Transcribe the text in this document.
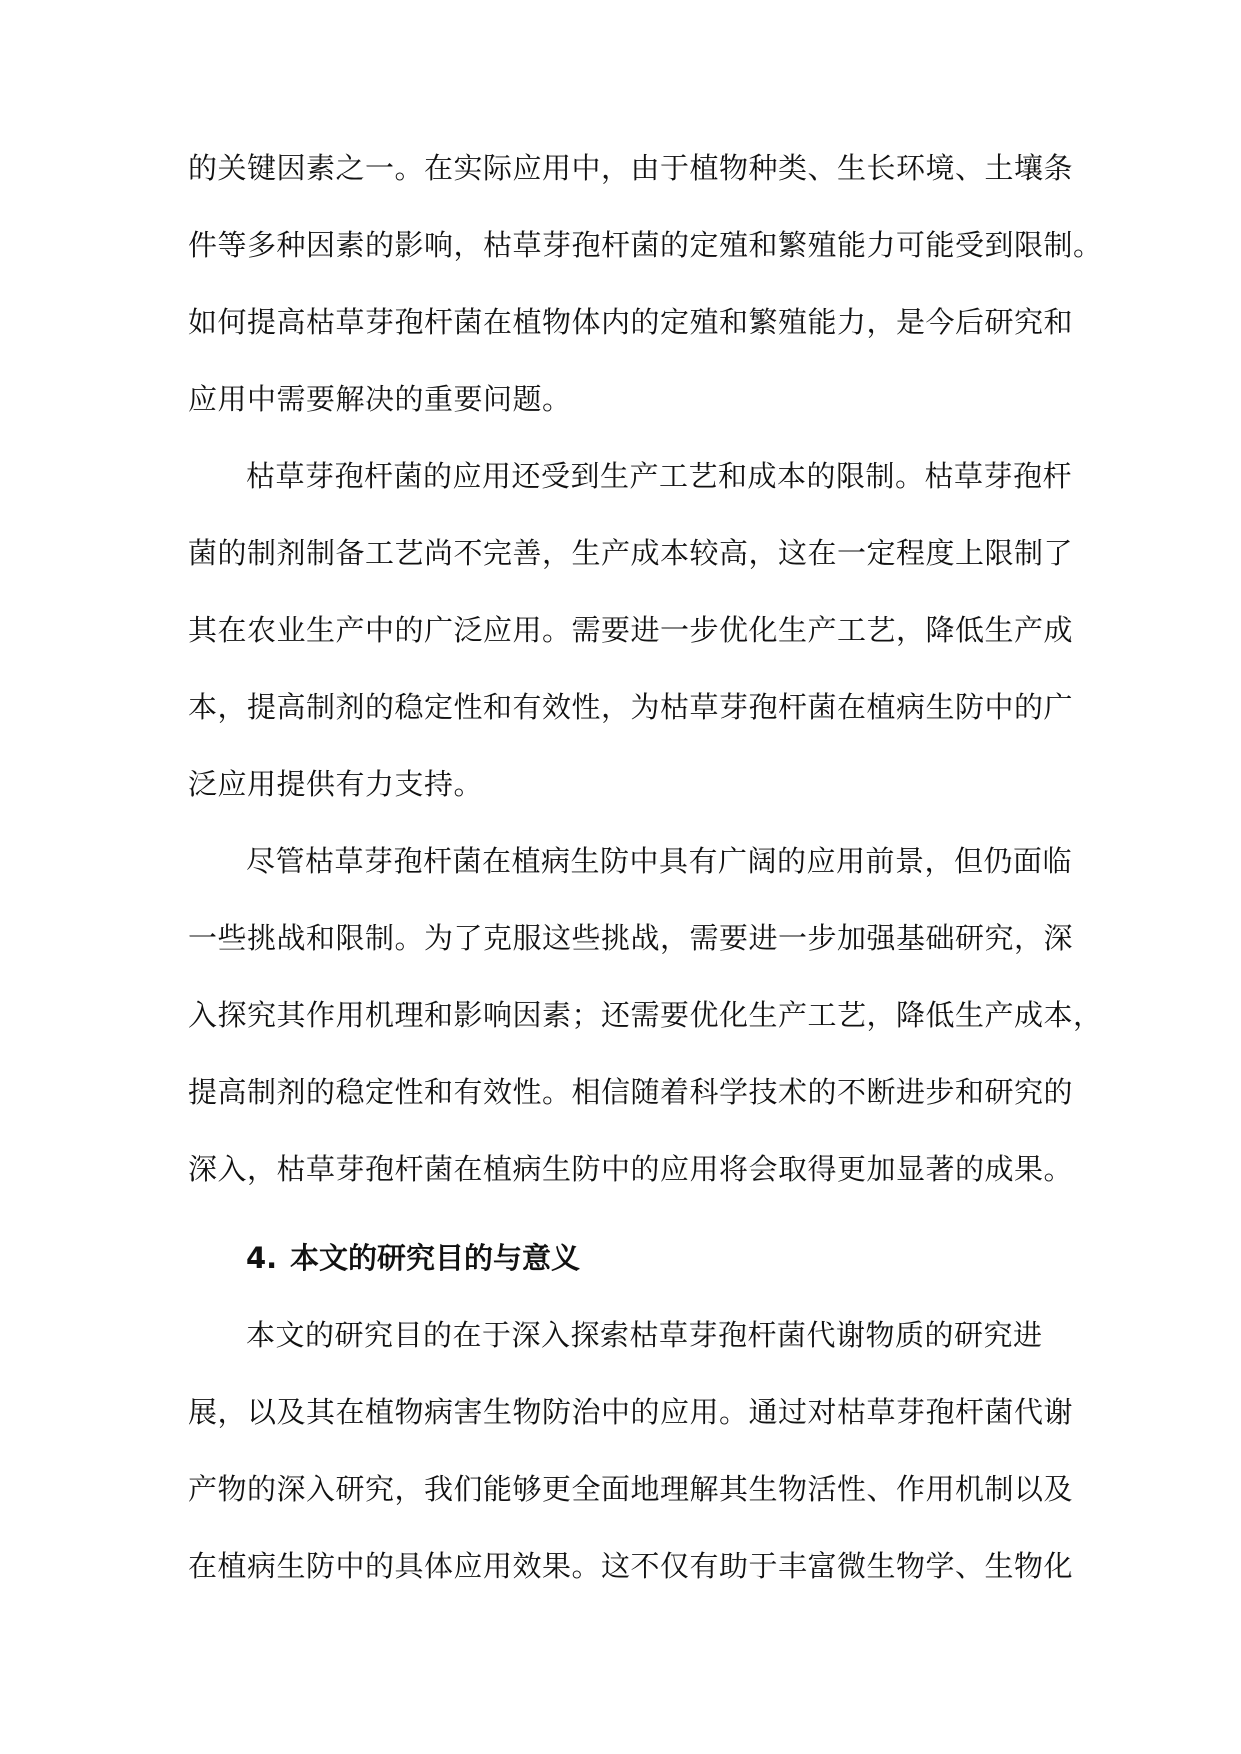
的关键因素之一。在实际应用中，由于植物种类、生长环境、土壤条
件等多种因素的影响，枯草芽孢杆菌的定殖和繁殖能力可能受到限制。
如何提高枯草芽孢杆菌在植物体内的定殖和繁殖能力，是今后研究和
应用中需要解决的重要问题。
枯草芽孢杆菌的应用还受到生产工艺和成本的限制。枯草芽孢杆
菌的制剂制备工艺尚不完善，生产成本较高，这在一定程度上限制了
其在农业生产中的广泛应用。需要进一步优化生产工艺，降低生产成
本，提高制剂的稳定性和有效性，为枯草芽孢杆菌在植病生防中的广
泛应用提供有力支持。
尽管枯草芽孢杆菌在植病生防中具有广阔的应用前景，但仍面临
一些挑战和限制。为了克服这些挑战，需要进一步加强基础研究，深
入探究其作用机理和影响因素；还需要优化生产工艺，降低生产成本，
提高制剂的稳定性和有效性。相信随着科学技术的不断进步和研究的
深入，枯草芽孢杆菌在植病生防中的应用将会取得更加显著的成果。
4. 本文的研究目的与意义
本文的研究目的在于深入探索枯草芽孢杆菌代谢物质的研究进
展，以及其在植物病害生物防治中的应用。通过对枯草芽孢杆菌代谢
产物的深入研究，我们能够更全面地理解其生物活性、作用机制以及
在植病生防中的具体应用效果。这不仅有助于丰富微生物学、生物化
